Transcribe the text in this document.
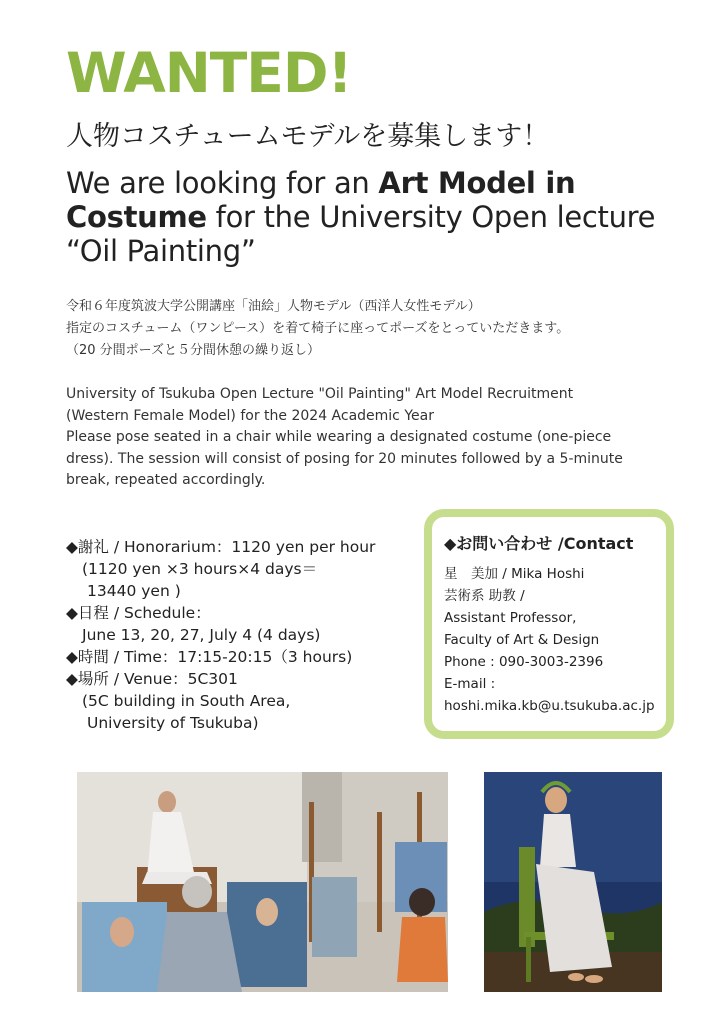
WANTED!
人物コスチュームモデルを募集します！
We are looking for an Art Model in
Costume for the University Open lecture
“Oil Painting”
令和６年度筑波大学公開講座「油絵」人物モデル（西洋人女性モデル）
指定のコスチューム（ワンピース）を着て椅子に座ってポーズをとっていただきます。
（20 分間ポーズと５分間休憩の繰り返し）
University of Tsukuba Open Lecture "Oil Painting" Art Model Recruitment
(Western Female Model) for the 2024 Academic Year
Please pose seated in a chair while wearing a designated costume (one-piece
dress). The session will consist of posing for 20 minutes followed by a 5-minute
break, repeated accordingly.
◆謝礼 / Honorarium：1120 yen per hour
(1120 yen ×3 hours×4 days＝
13440 yen )
◆日程 / Schedule：
June 13, 20, 27, July 4 (4 days)
◆時間 / Time：17:15-20:15（3 hours)
◆場所 / Venue：5C301
(5C building in South Area,
University of Tsukuba)
◆お問い合わせ /Contact
星　美加 / Mika Hoshi
芸術系 助教 /
Assistant Professor,
Faculty of Art & Design
Phone : 090-3003-2396
E-mail :
hoshi.mika.kb@u.tsukuba.ac.jp
